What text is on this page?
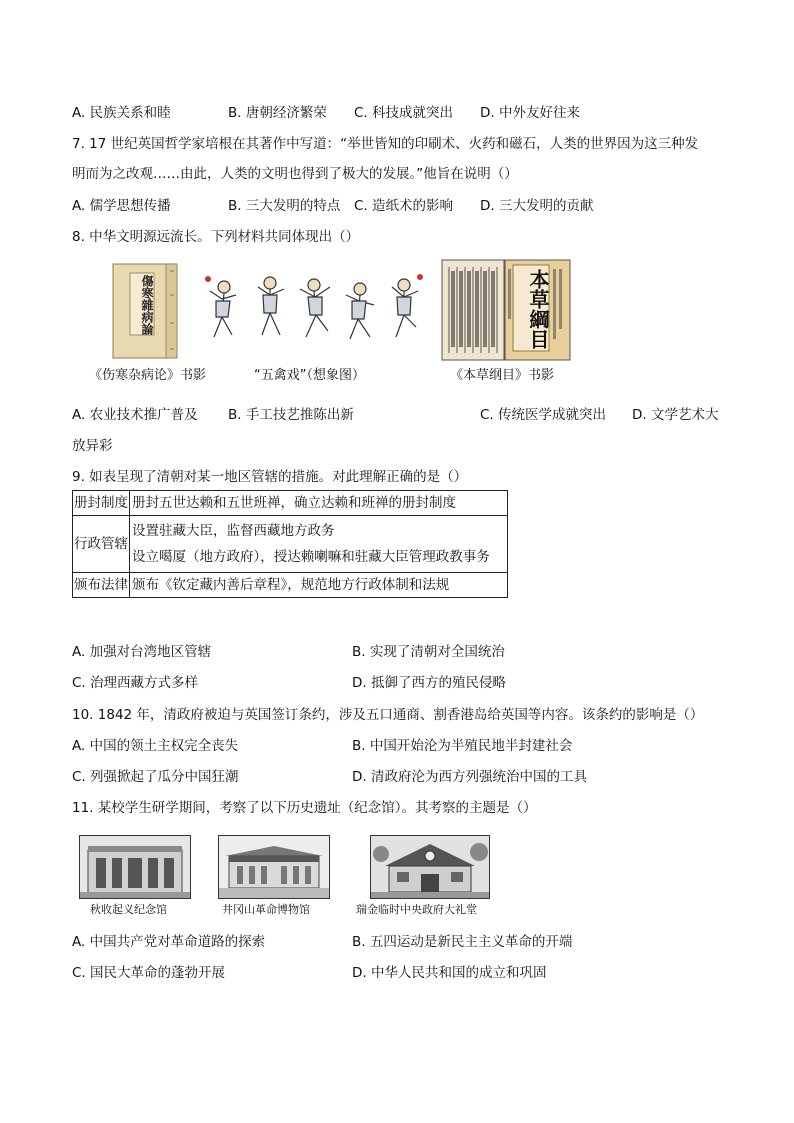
A. 民族关系和睦	B. 唐朝经济繁荣 C. 科技成就突出 D. 中外友好往来
7. 17 世纪英国哲学家培根在其著作中写道：“举世皆知的印刷术、火药和磁石，人类的世界因为这三种发
明而为之改观……由此，人类的文明也得到了极大的发展。”他旨在说明（）
A. 儒学思想传播	B. 三大发明的特点 C. 造纸术的影响 D. 三大发明的贡献
8. 中华文明源远流长。下列材料共同体现出（）
傷寒雜病論	本草綱目
《伤寒杂病论》书影	“五禽戏”（想象图）	《本草纲目》书影
A. 农业技术推广普及 B. 手工技艺推陈出新	C. 传统医学成就突出 D. 文学艺术大
放异彩
9. 如表呈现了清朝对某一地区管辖的措施。对此理解正确的是（）
册封制度	册封五世达赖和五世班禅，确立达赖和班禅的册封制度
行政管辖	设置驻藏大臣，监督西藏地方政务
设立噶厦（地方政府），授达赖喇嘛和驻藏大臣管理政教事务

颁布法律	颁布《钦定藏内善后章程》，规范地方行政体制和法规
A. 加强对台湾地区管辖	B. 实现了清朝对全国统治
C. 治理西藏方式多样	D. 抵御了西方的殖民侵略
10. 1842 年，清政府被迫与英国签订条约，涉及五口通商、割香港岛给英国等内容。该条约的影响是（）
A. 中国的领土主权完全丧失	B. 中国开始沦为半殖民地半封建社会
C. 列强掀起了瓜分中国狂潮	D. 清政府沦为西方列强统治中国的工具
11. 某校学生研学期间，考察了以下历史遗址（纪念馆）。其考察的主题是（）
秋收起义纪念馆	井冈山革命博物馆	瑞金临时中央政府大礼堂
A. 中国共产党对革命道路的探索	B. 五四运动是新民主主义革命的开端
C. 国民大革命的蓬勃开展	D. 中华人民共和国的成立和巩固
